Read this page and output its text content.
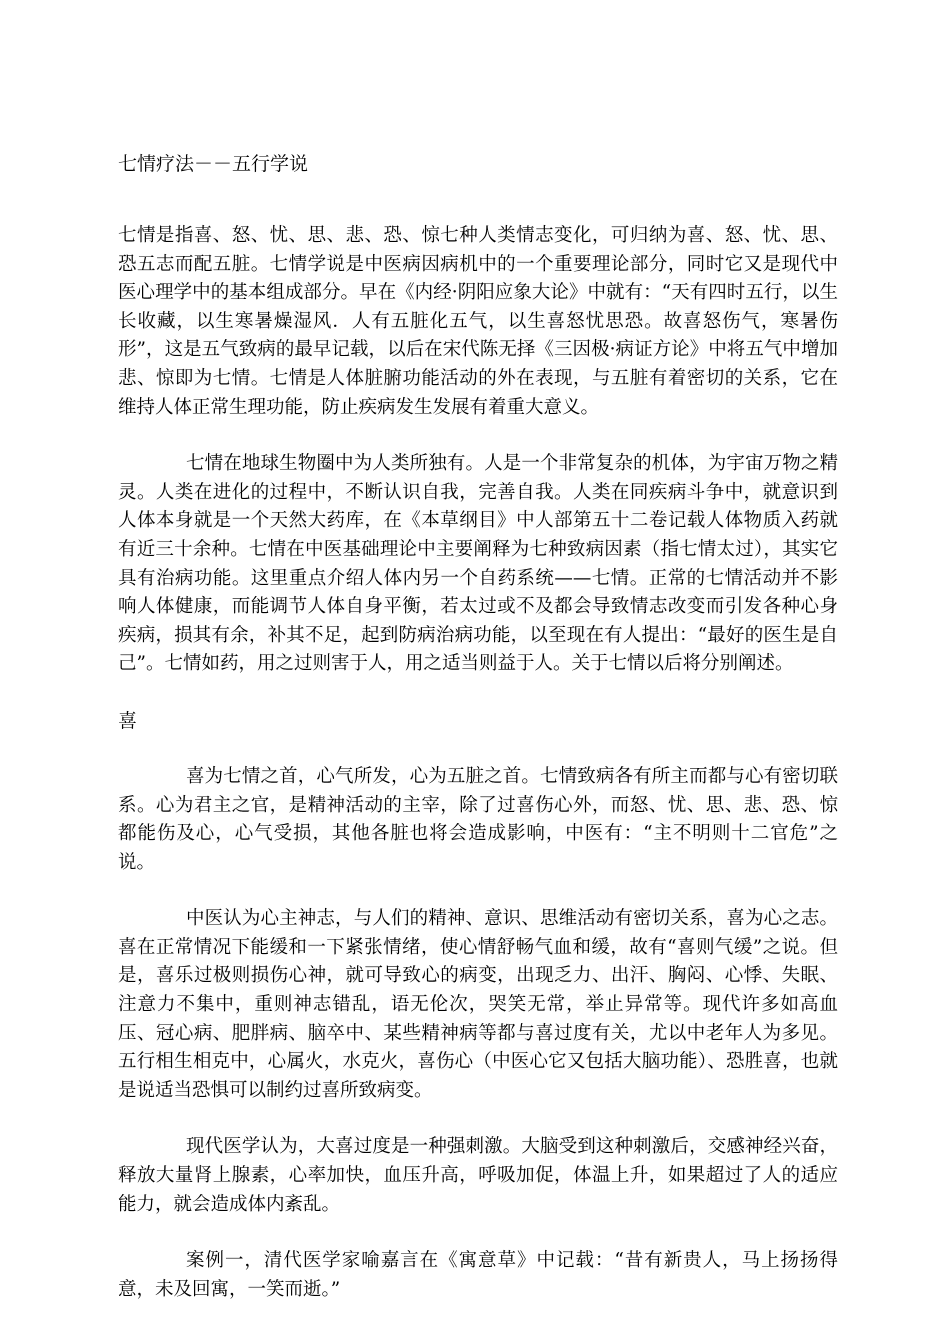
七情疗法－－五行学说

七情是指喜、怒、忧、思、悲、恐、惊七种人类情志变化，可归纳为喜、怒、忧、思、恐五志而配五脏。七情学说是中医病因病机中的一个重要理论部分，同时它又是现代中医心理学中的基本组成部分。早在《内经·阴阳应象大论》中就有：“天有四时五行，以生长收藏，以生寒暑燥湿风．人有五脏化五气，以生喜怒忧思恐。故喜怒伤气，寒暑伤形”，这是五气致病的最早记载，以后在宋代陈无择《三因极·病证方论》中将五气中增加悲、惊即为七情。七情是人体脏腑功能活动的外在表现，与五脏有着密切的关系，它在维持人体正常生理功能，防止疾病发生发展有着重大意义。

七情在地球生物圈中为人类所独有。人是一个非常复杂的机体，为宇宙万物之精灵。人类在进化的过程中，不断认识自我，完善自我。人类在同疾病斗争中，就意识到人体本身就是一个天然大药库，在《本草纲目》中人部第五十二卷记载人体物质入药就有近三十余种。七情在中医基础理论中主要阐释为七种致病因素（指七情太过），其实它具有治病功能。这里重点介绍人体内另一个自药系统——七情。正常的七情活动并不影响人体健康，而能调节人体自身平衡，若太过或不及都会导致情志改变而引发各种心身疾病，损其有余，补其不足，起到防病治病功能，以至现在有人提出：“最好的医生是自己”。七情如药，用之过则害于人，用之适当则益于人。关于七情以后将分别阐述。

喜

喜为七情之首，心气所发，心为五脏之首。七情致病各有所主而都与心有密切联系。心为君主之官，是精神活动的主宰，除了过喜伤心外，而怒、忧、思、悲、恐、惊都能伤及心，心气受损，其他各脏也将会造成影响，中医有：“主不明则十二官危”之说。

中医认为心主神志，与人们的精神、意识、思维活动有密切关系，喜为心之志。喜在正常情况下能缓和一下紧张情绪，使心情舒畅气血和缓，故有“喜则气缓”之说。但是，喜乐过极则损伤心神，就可导致心的病变，出现乏力、出汗、胸闷、心悸、失眠、注意力不集中，重则神志错乱，语无伦次，哭笑无常，举止异常等。现代许多如高血压、冠心病、肥胖病、脑卒中、某些精神病等都与喜过度有关，尤以中老年人为多见。五行相生相克中，心属火，水克火，喜伤心（中医心它又包括大脑功能）、恐胜喜，也就是说适当恐惧可以制约过喜所致病变。

现代医学认为，大喜过度是一种强刺激。大脑受到这种刺激后，交感神经兴奋，释放大量肾上腺素，心率加快，血压升高，呼吸加促，体温上升，如果超过了人的适应能力，就会造成体内紊乱。

案例一，清代医学家喻嘉言在《寓意草》中记载：“昔有新贵人，马上扬扬得意，未及回寓，一笑而逝。”
